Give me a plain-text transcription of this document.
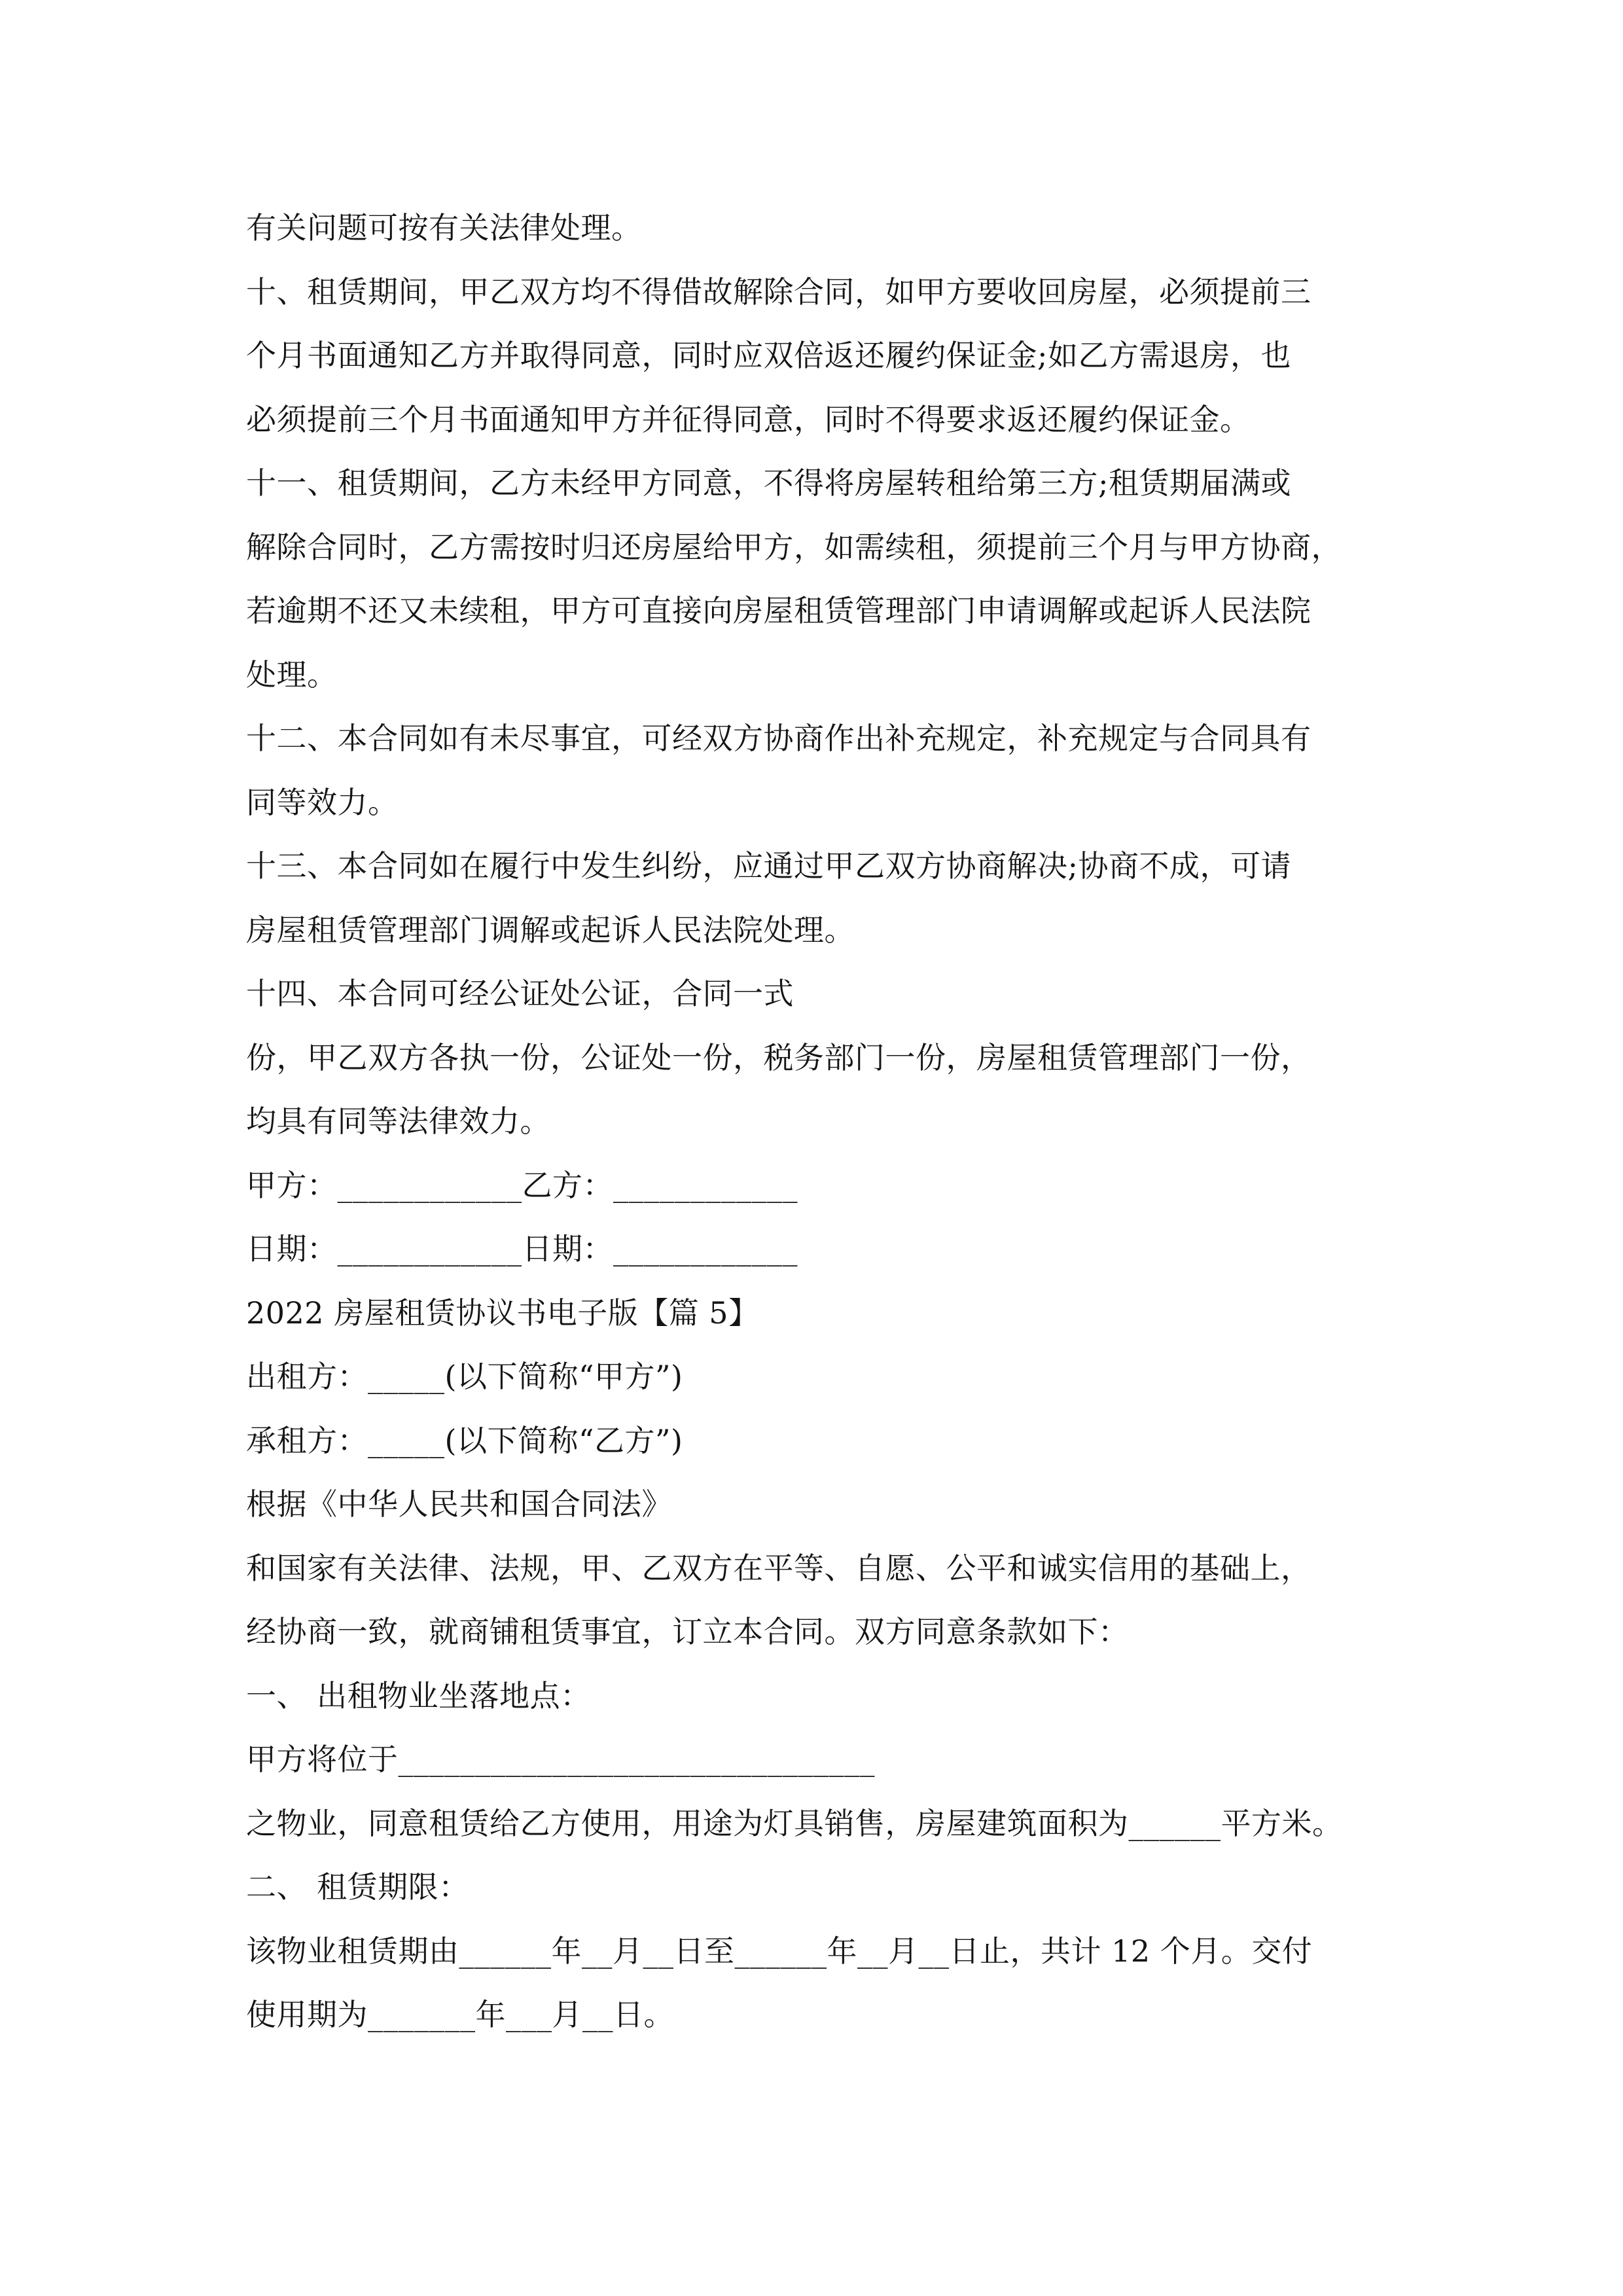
有关问题可按有关法律处理。
十、租赁期间，甲乙双方均不得借故解除合同，如甲方要收回房屋，必须提前三
个月书面通知乙方并取得同意，同时应双倍返还履约保证金;如乙方需退房，也
必须提前三个月书面通知甲方并征得同意，同时不得要求返还履约保证金。
十一、租赁期间，乙方未经甲方同意，不得将房屋转租给第三方;租赁期届满或
解除合同时，乙方需按时归还房屋给甲方，如需续租，须提前三个月与甲方协商，
若逾期不还又未续租，甲方可直接向房屋租赁管理部门申请调解或起诉人民法院
处理。
十二、本合同如有未尽事宜，可经双方协商作出补充规定，补充规定与合同具有
同等效力。
十三、本合同如在履行中发生纠纷，应通过甲乙双方协商解决;协商不成，可请
房屋租赁管理部门调解或起诉人民法院处理。
十四、本合同可经公证处公证，合同一式
份，甲乙双方各执一份，公证处一份，税务部门一份，房屋租赁管理部门一份，
均具有同等法律效力。
甲方：____________乙方：____________
日期：____________日期：____________
2022 房屋租赁协议书电子版【篇 5】
出租方：_____(以下简称“甲方”)
承租方：_____(以下简称“乙方”)
根据《中华人民共和国合同法》
和国家有关法律、法规，甲、乙双方在平等、自愿、公平和诚实信用的基础上，
经协商一致，就商铺租赁事宜，订立本合同。双方同意条款如下：
一、 出租物业坐落地点：
甲方将位于_______________________________
之物业，同意租赁给乙方使用，用途为灯具销售，房屋建筑面积为______平方米。
二、 租赁期限：
该物业租赁期由______年__月__日至______年__月__日止，共计 12 个月。交付
使用期为_______年___月__日。
